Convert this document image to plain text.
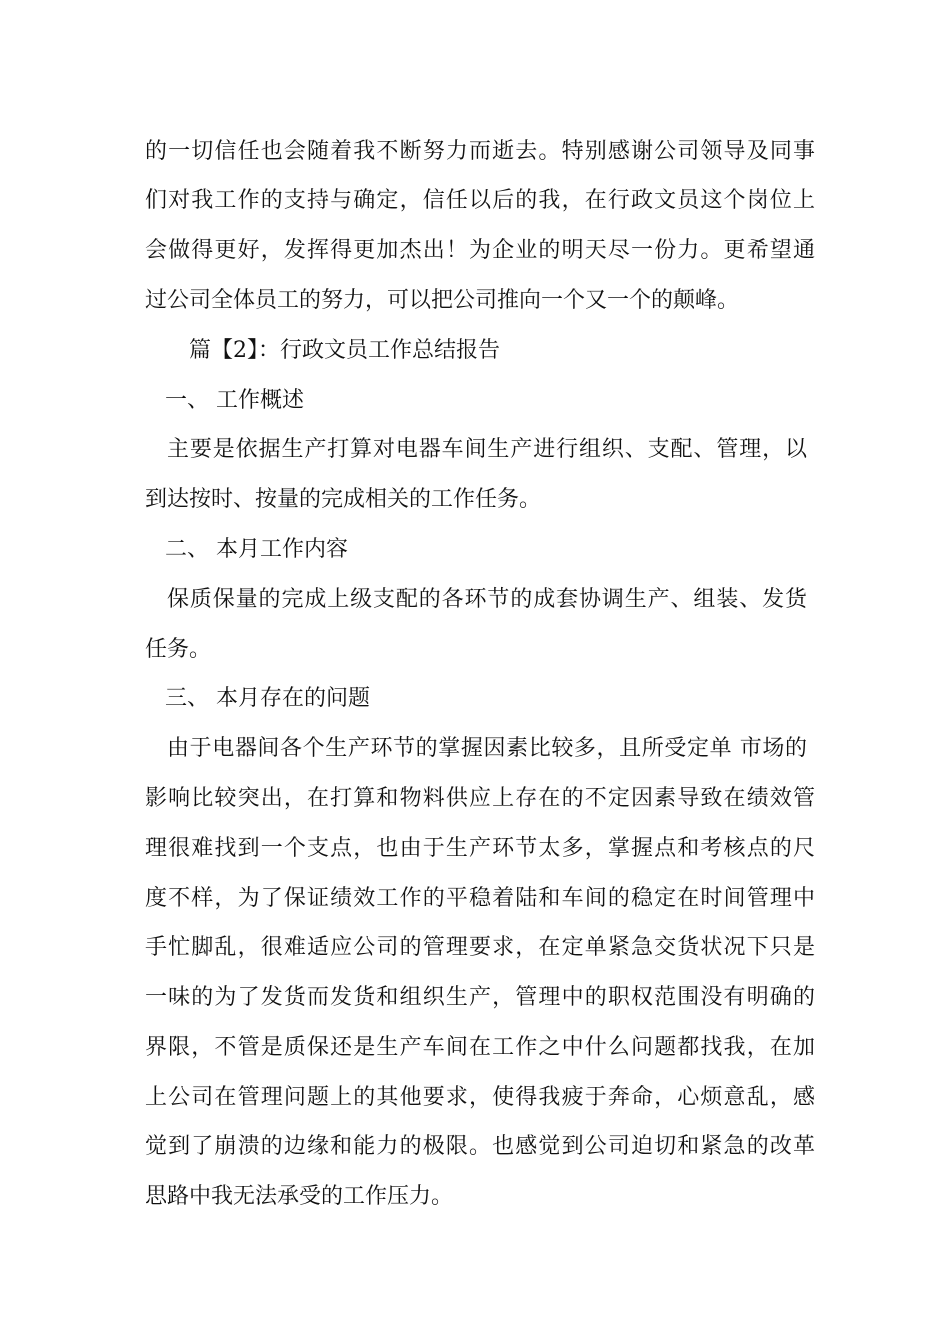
的一切信任也会随着我不断努力而逝去。特别感谢公司领导及同事
们对我工作的支持与确定，信任以后的我，在行政文员这个岗位上
会做得更好，发挥得更加杰出！为企业的明天尽一份力。更希望通
过公司全体员工的努力，可以把公司推向一个又一个的颠峰。
篇【2】：行政文员工作总结报告
一、 工作概述
主要是依据生产打算对电器车间生产进行组织、支配、管理，以
到达按时、按量的完成相关的工作任务。
二、 本月工作内容
保质保量的完成上级支配的各环节的成套协调生产、组装、发货
任务。
三、 本月存在的问题
由于电器间各个生产环节的掌握因素比较多，且所受定单 市场的
影响比较突出，在打算和物料供应上存在的不定因素导致在绩效管
理很难找到一个支点，也由于生产环节太多，掌握点和考核点的尺
度不样，为了保证绩效工作的平稳着陆和车间的稳定在时间管理中
手忙脚乱，很难适应公司的管理要求，在定单紧急交货状况下只是
一味的为了发货而发货和组织生产，管理中的职权范围没有明确的
界限，不管是质保还是生产车间在工作之中什么问题都找我，在加
上公司在管理问题上的其他要求，使得我疲于奔命，心烦意乱，感
觉到了崩溃的边缘和能力的极限。也感觉到公司迫切和紧急的改革
思路中我无法承受的工作压力。
